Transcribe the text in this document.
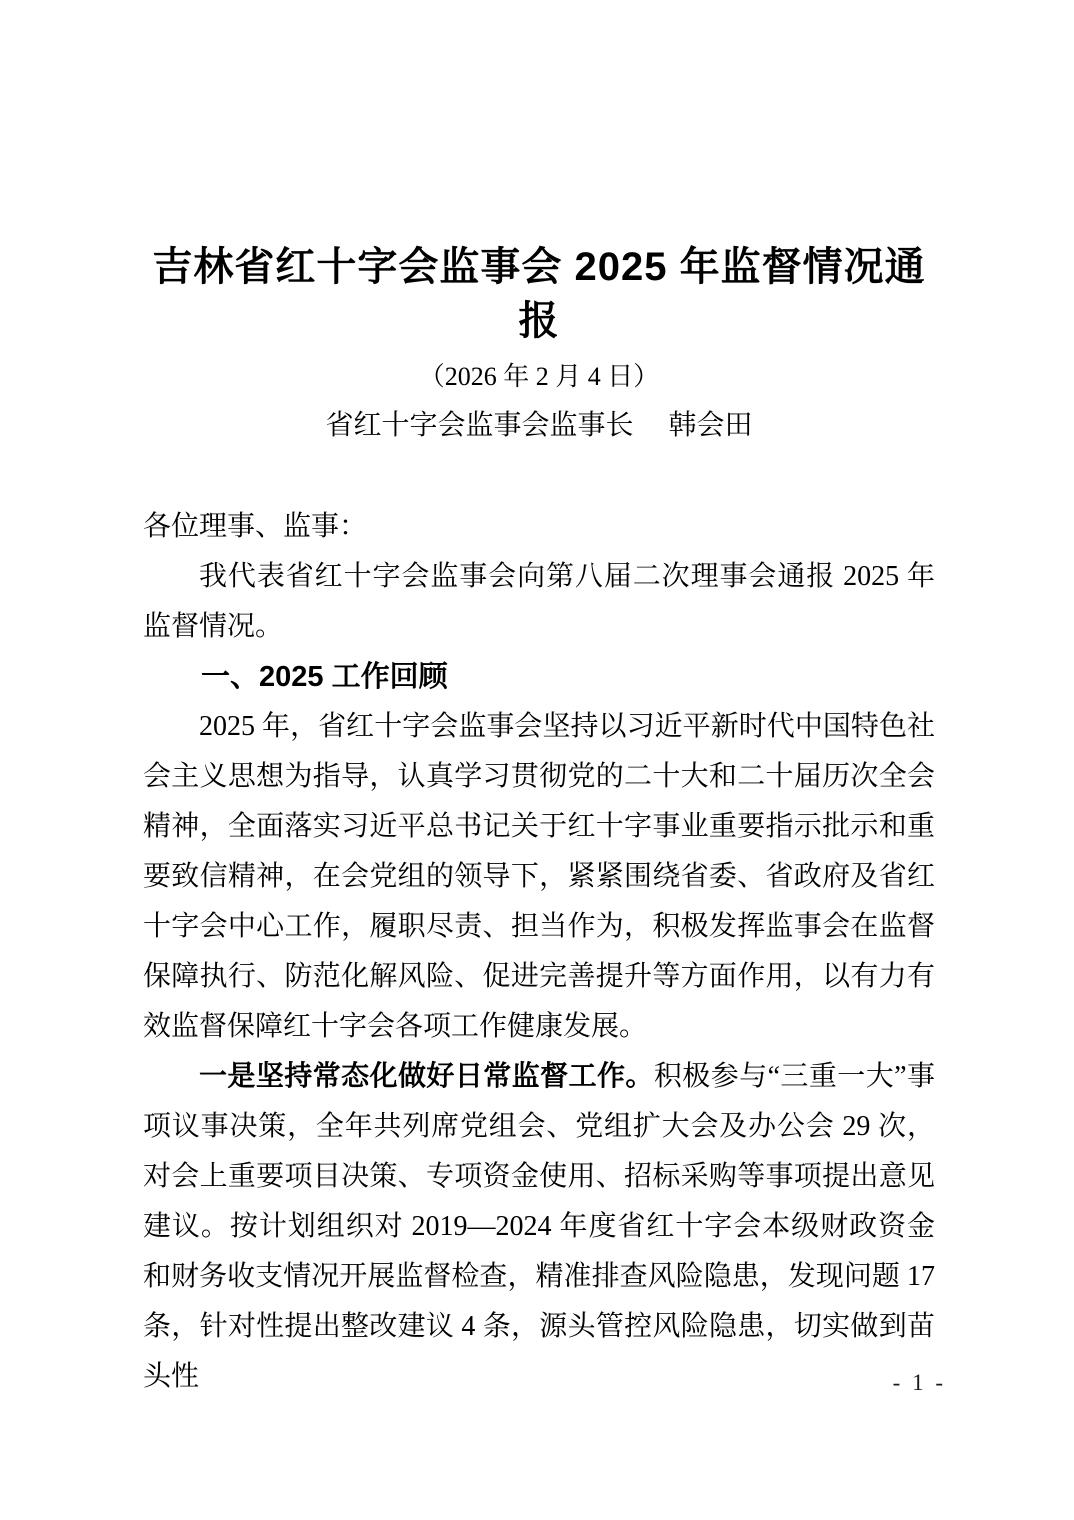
吉林省红十字会监事会 2025 年监督情况通报
（2026 年 2 月 4 日）
省红十字会监事会监事长　 韩会田

各位理事、监事：

我代表省红十字会监事会向第八届二次理事会通报 2025 年监督情况。

一、2025 工作回顾

2025 年，省红十字会监事会坚持以习近平新时代中国特色社会主义思想为指导，认真学习贯彻党的二十大和二十届历次全会精神，全面落实习近平总书记关于红十字事业重要指示批示和重要致信精神，在会党组的领导下，紧紧围绕省委、省政府及省红十字会中心工作，履职尽责、担当作为，积极发挥监事会在监督保障执行、防范化解风险、促进完善提升等方面作用，以有力有效监督保障红十字会各项工作健康发展。

一是坚持常态化做好日常监督工作。积极参与“三重一大”事项议事决策，全年共列席党组会、党组扩大会及办公会 29 次，对会上重要项目决策、专项资金使用、招标采购等事项提出意见建议。按计划组织对 2019—2024 年度省红十字会本级财政资金和财务收支情况开展监督检查，精准排查风险隐患，发现问题 17 条，针对性提出整改建议 4 条，源头管控风险隐患，切实做到苗头性	- 1 -
